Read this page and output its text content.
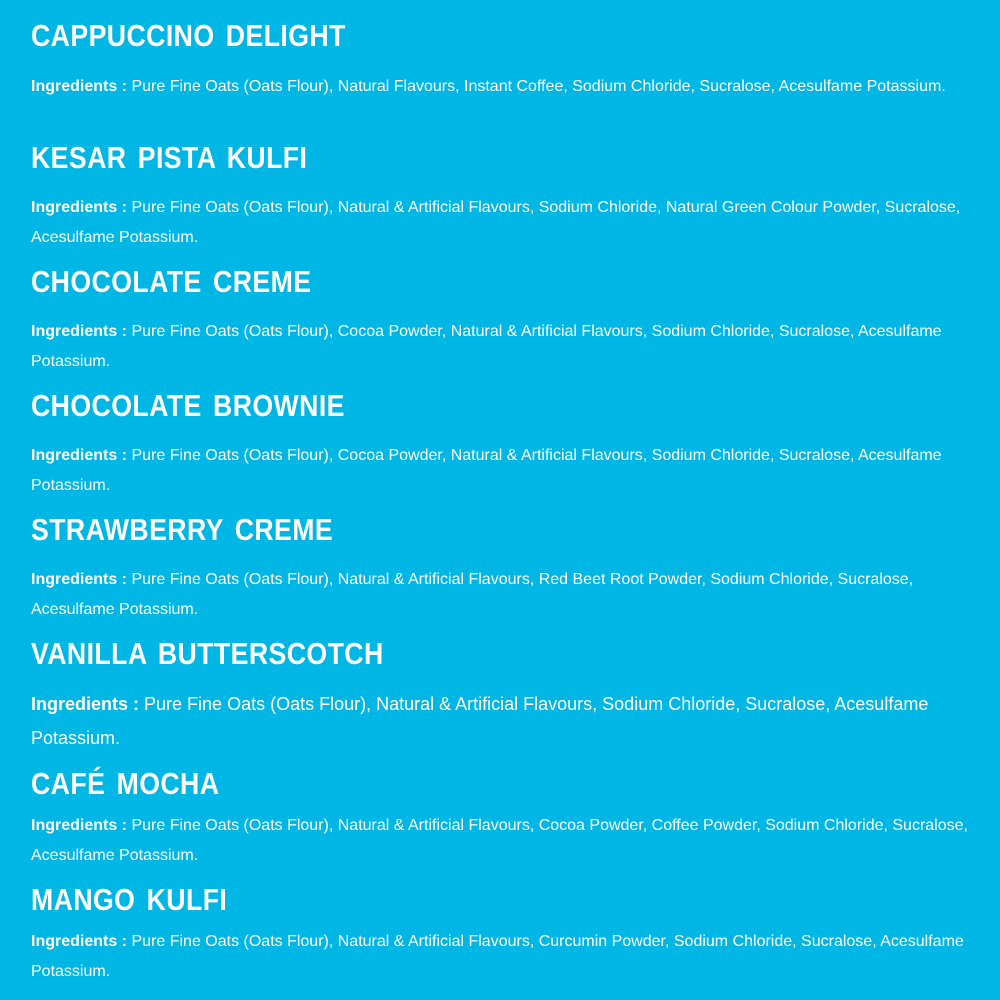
CAPPUCCINO DELIGHT

Ingredients : Pure Fine Oats (Oats Flour), Natural Flavours, Instant Coffee, Sodium Chloride, Sucralose, Acesulfame Potassium.

KESAR PISTA KULFI

Ingredients : Pure Fine Oats (Oats Flour), Natural & Artificial Flavours, Sodium Chloride, Natural Green Colour Powder, Sucralose, Acesulfame Potassium.

CHOCOLATE CREME

Ingredients : Pure Fine Oats (Oats Flour), Cocoa Powder, Natural & Artificial Flavours, Sodium Chloride, Sucralose, Acesulfame Potassium.

CHOCOLATE BROWNIE

Ingredients : Pure Fine Oats (Oats Flour), Cocoa Powder, Natural & Artificial Flavours, Sodium Chloride, Sucralose, Acesulfame Potassium.

STRAWBERRY CREME

Ingredients : Pure Fine Oats (Oats Flour), Natural & Artificial Flavours, Red Beet Root Powder, Sodium Chloride, Sucralose, Acesulfame Potassium.

VANILLA BUTTERSCOTCH

Ingredients : Pure Fine Oats (Oats Flour), Natural & Artificial Flavours, Sodium Chloride, Sucralose, Acesulfame Potassium.

CAFÉ MOCHA

Ingredients : Pure Fine Oats (Oats Flour), Natural & Artificial Flavours, Cocoa Powder, Coffee Powder, Sodium Chloride, Sucralose, Acesulfame Potassium.

MANGO KULFI

Ingredients : Pure Fine Oats (Oats Flour), Natural & Artificial Flavours, Curcumin Powder, Sodium Chloride, Sucralose, Acesulfame Potassium.
